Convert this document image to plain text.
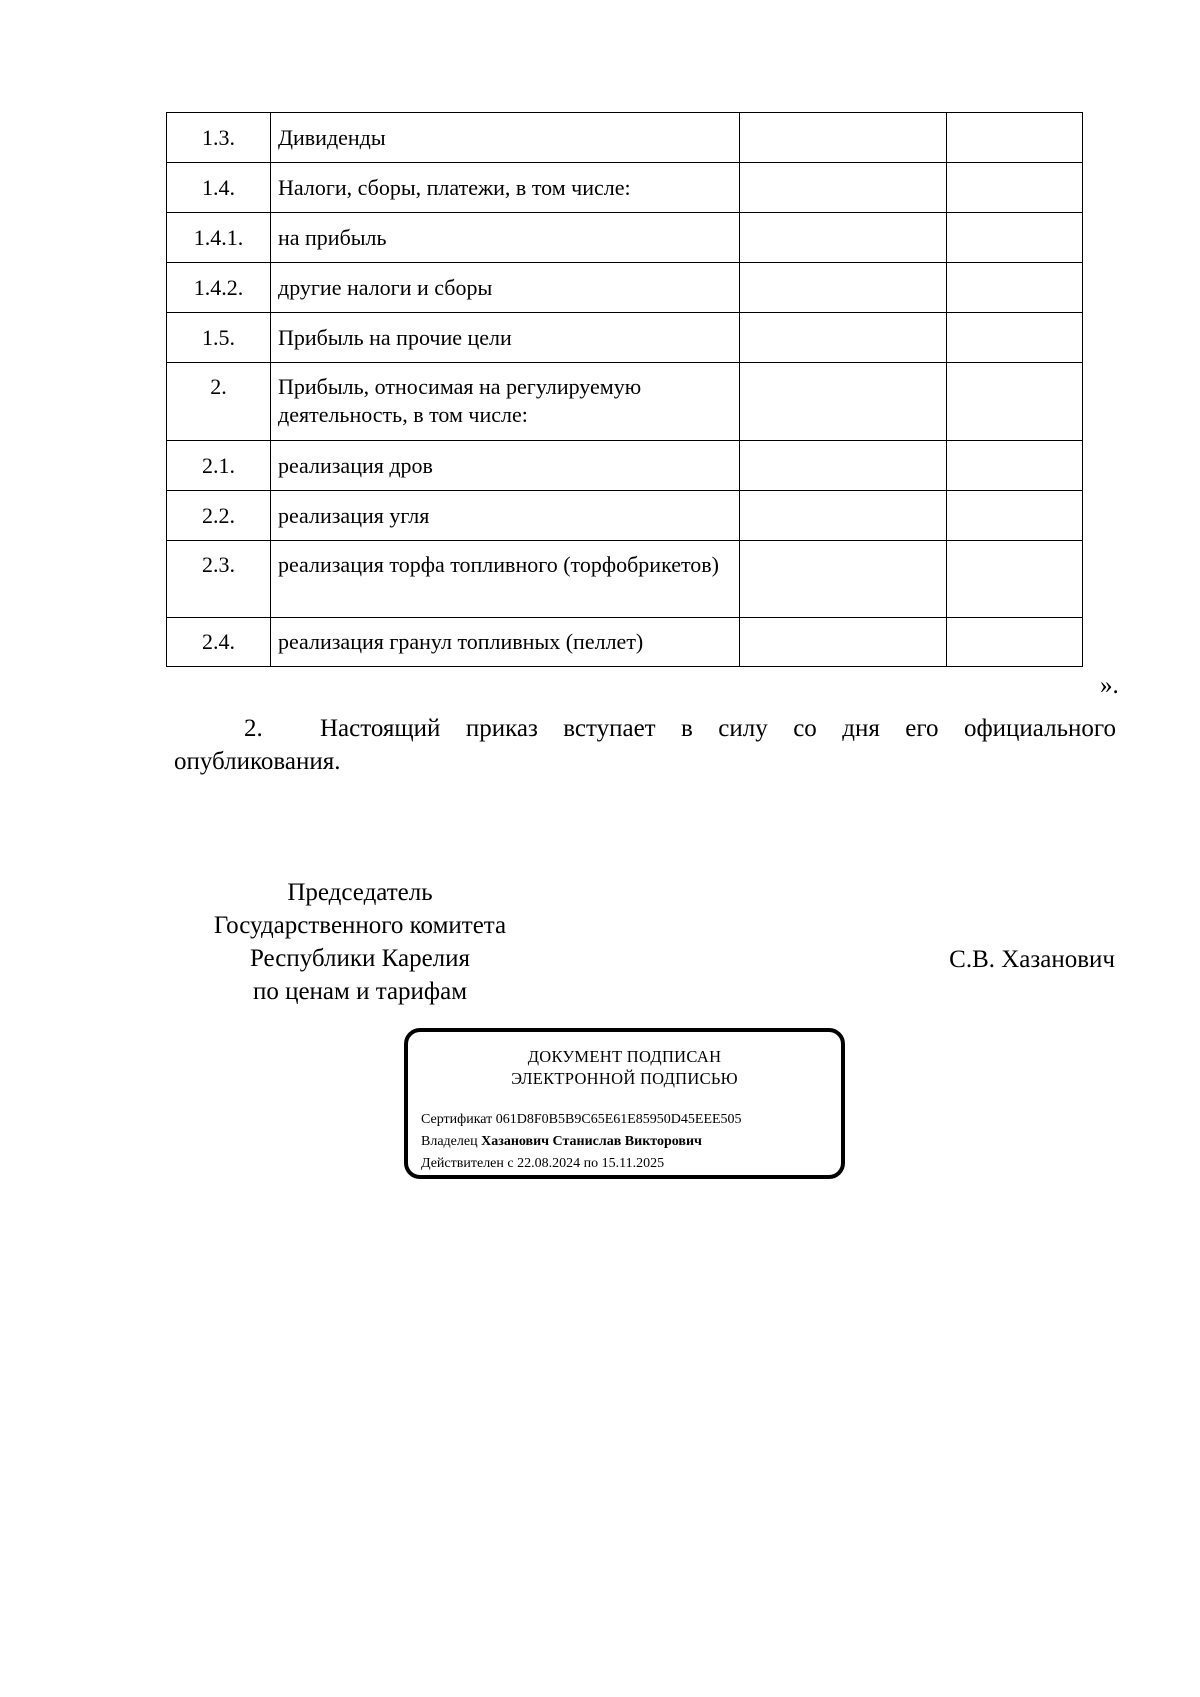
1.3.	Дивиденды		
1.4.	Налоги, сборы, платежи, в том числе:		
1.4.1.	на прибыль		
1.4.2.	другие налоги и сборы		
1.5.	Прибыль на прочие цели		
2.	Прибыль, относимая на регулируемую деятельность, в том числе:		
2.1.	реализация дров		
2.2.	реализация угля		
2.3.	реализация торфа топливного (торфобрикетов)		
2.4.	реализация гранул топливных (пеллет)		
».
2. Настоящий приказ вступает в силу со дня его официального опубликования.
Председатель
Государственного комитета
Республики Карелия
по ценам и тарифам
С.В. Хазанович
ДОКУМЕНТ ПОДПИСАН
ЭЛЕКТРОННОЙ ПОДПИСЬЮ
Сертификат 061D8F0B5B9C65E61E85950D45EEE505
Владелец Хазанович Станислав Викторович
Действителен с 22.08.2024 по 15.11.2025
